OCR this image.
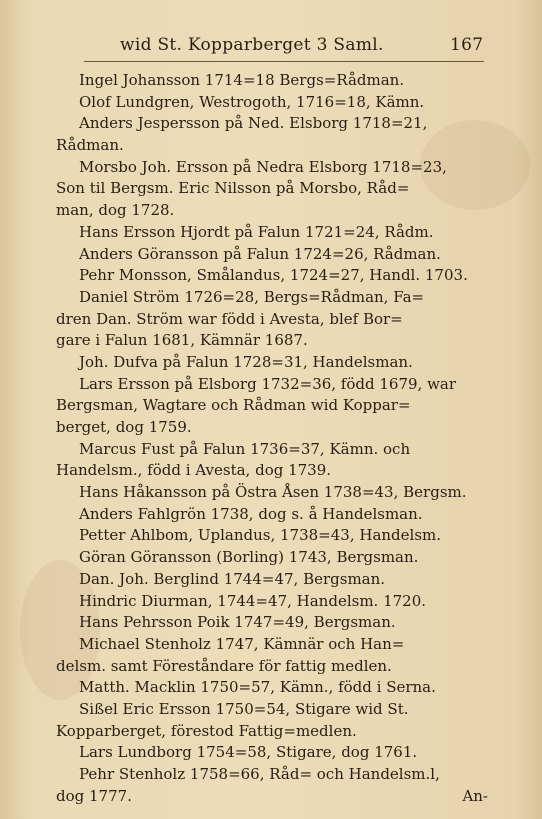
wid St. Kopparberget 3 Saml.	167
Ingel Johansson 1714=18 Bergs=Rådman.
Olof Lundgren, Westrogoth, 1716=18, Kämn.
Anders Jespersson på Ned. Elsborg 1718=21,
Rådman.
Morsbo Joh. Ersson på Nedra Elsborg 1718=23,
Son til Bergsm. Eric Nilsson på Morsbo, Råd=
man, dog 1728.
Hans Ersson Hjordt på Falun 1721=24, Rådm.
Anders Göransson på Falun 1724=26, Rådman.
Pehr Monsson, Smålandus, 1724=27, Handl. 1703.
Daniel Ström 1726=28, Bergs=Rådman, Fa=
dren Dan. Ström war född i Avesta, blef Bor=
gare i Falun 1681, Kämnär 1687.
Joh. Dufva på Falun 1728=31, Handelsman.
Lars Ersson på Elsborg 1732=36, född 1679, war
Bergsman, Wagtare och Rådman wid Koppar=
berget, dog 1759.
Marcus Fust på Falun 1736=37, Kämn. och
Handelsm., född i Avesta, dog 1739.
Hans Håkansson på Östra Åsen 1738=43, Bergsm.
Anders Fahlgrön 1738, dog s. å Handelsman.
Petter Ahlbom, Uplandus, 1738=43, Handelsm.
Göran Göransson (Borling) 1743, Bergsman.
Dan. Joh. Berglind 1744=47, Bergsman.
Hindric Diurman, 1744=47, Handelsm. 1720.
Hans Pehrsson Poik 1747=49, Bergsman.
Michael Stenholz 1747, Kämnär och Han=
delsm. samt Föreståndare för fattig medlen.
Matth. Macklin 1750=57, Kämn., född i Serna.
Sißel Eric Ersson 1750=54, Stigare wid St.
Kopparberget, förestod Fattig=medlen.
Lars Lundborg 1754=58, Stigare, dog 1761.
Pehr Stenholz 1758=66, Råd= och Handelsm.l,
dog 1777.	An-
